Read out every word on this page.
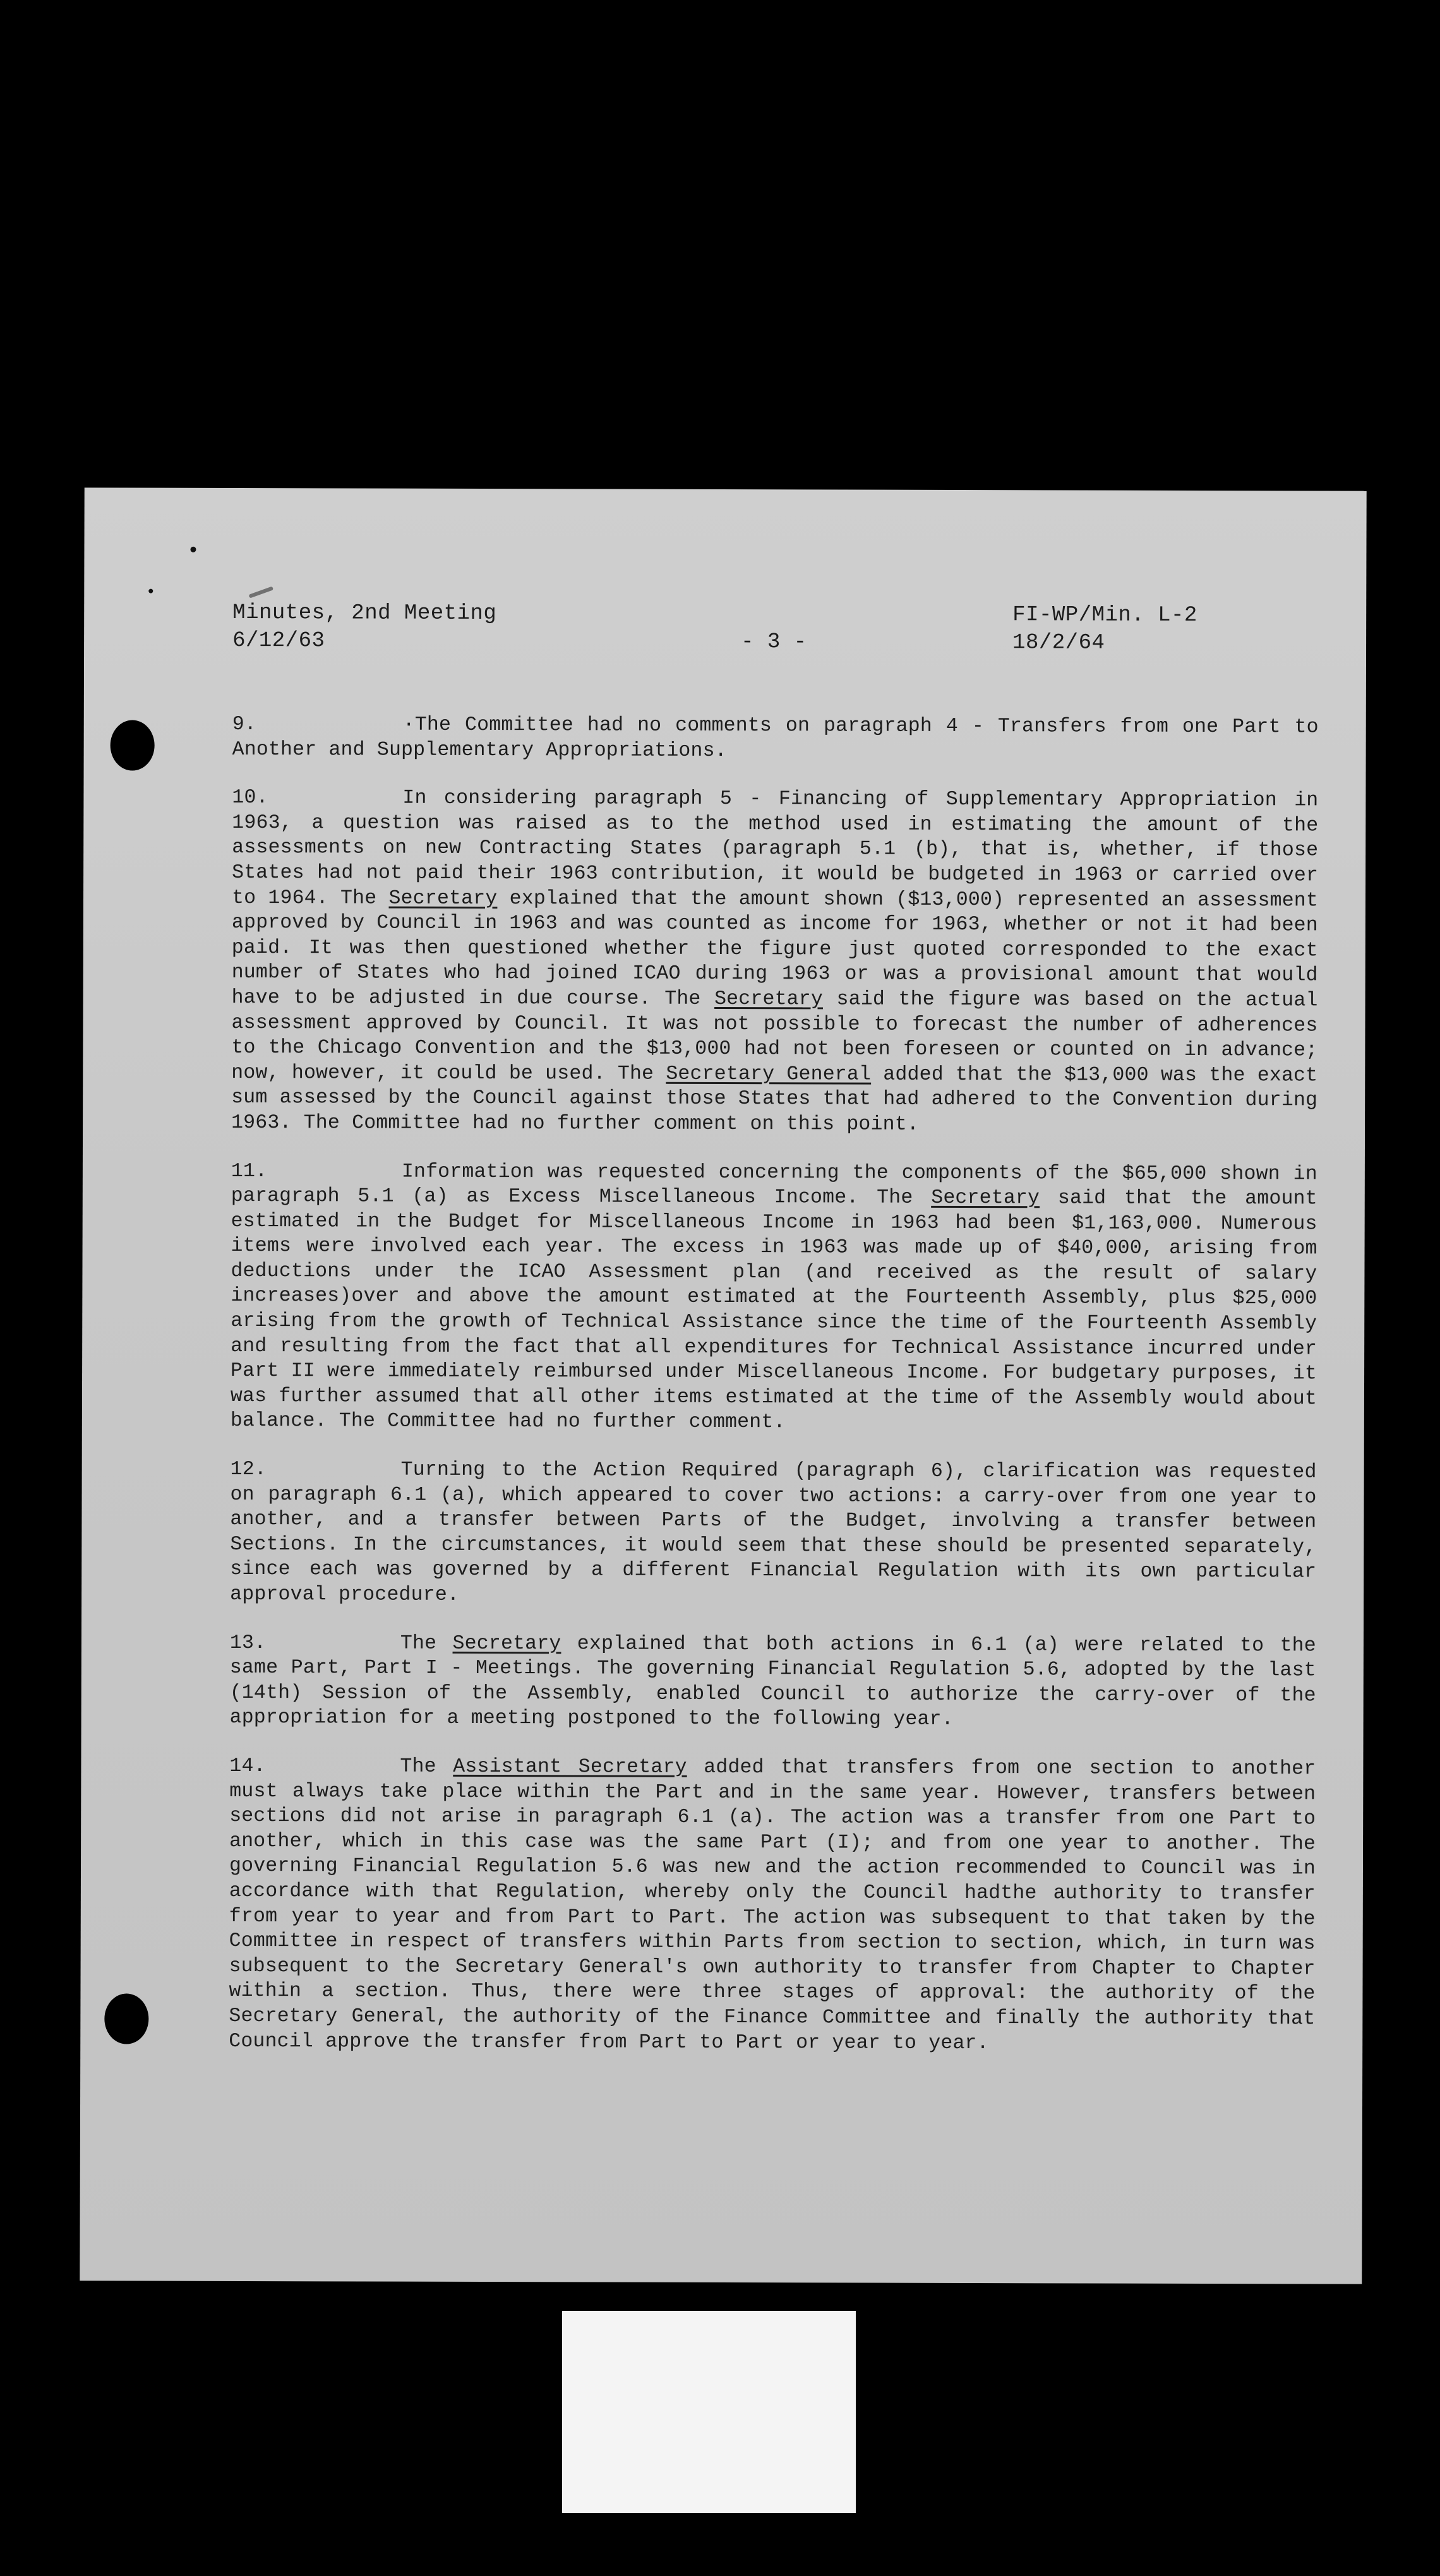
Minutes, 2nd Meeting
6/12/63	- 3 -
FI-WP/Min. L-2
18/2/64

9.	·The Committee had no comments on paragraph 4 - Transfers from one Part to Another and Supplementary Appropriations.

10.	In considering paragraph 5 - Financing of Supplementary Appropriation in 1963, a question was raised as to the method used in estimating the amount of the assessments on new Contracting States (paragraph 5.1 (b), that is, whether, if those States had not paid their 1963 contribution, it would be budgeted in 1963 or carried over to 1964. The Secretary explained that the amount shown ($13,000) represented an assessment approved by Council in 1963 and was counted as income for 1963, whether or not it had been paid. It was then questioned whether the figure just quoted corresponded to the exact number of States who had joined ICAO during 1963 or was a provisional amount that would have to be adjusted in due course. The Secretary said the figure was based on the actual assessment approved by Council. It was not possible to forecast the number of adherences to the Chicago Convention and the $13,000 had not been foreseen or counted on in advance; now, however, it could be used. The Secretary General added that the $13,000 was the exact sum assessed by the Council against those States that had adhered to the Convention during 1963. The Committee had no further comment on this point.

11.	Information was requested concerning the components of the $65,000 shown in paragraph 5.1 (a) as Excess Miscellaneous Income. The Secretary said that the amount estimated in the Budget for Miscellaneous Income in 1963 had been $1,163,000. Numerous items were involved each year. The excess in 1963 was made up of $40,000, arising from deductions under the ICAO Assessment plan (and received as the result of salary increases)over and above the amount estimated at the Fourteenth Assembly, plus $25,000 arising from the growth of Technical Assistance since the time of the Fourteenth Assembly and resulting from the fact that all expenditures for Technical Assistance incurred under Part II were immediately reimbursed under Miscellaneous Income. For budgetary purposes, it was further assumed that all other items estimated at the time of the Assembly would about balance. The Committee had no further comment.

12.	Turning to the Action Required (paragraph 6), clarification was requested on paragraph 6.1 (a), which appeared to cover two actions: a carry-over from one year to another, and a transfer between Parts of the Budget, involving a transfer between Sections. In the circumstances, it would seem that these should be presented separately, since each was governed by a different Financial Regulation with its own particular approval procedure.

13.	The Secretary explained that both actions in 6.1 (a) were related to the same Part, Part I - Meetings. The governing Financial Regulation 5.6, adopted by the last (14th) Session of the Assembly, enabled Council to authorize the carry-over of the appropriation for a meeting postponed to the following year.

14.	The Assistant Secretary added that transfers from one section to another must always take place within the Part and in the same year. However, transfers between sections did not arise in paragraph 6.1 (a). The action was a transfer from one Part to another, which in this case was the same Part (I); and from one year to another. The governing Financial Regulation 5.6 was new and the action recommended to Council was in accordance with that Regulation, whereby only the Council hadthe authority to transfer from year to year and from Part to Part. The action was subsequent to that taken by the Committee in respect of transfers within Parts from section to section, which, in turn was subsequent to the Secretary General's own authority to transfer from Chapter to Chapter within a section. Thus, there were three stages of approval: the authority of the Secretary General, the authority of the Finance Committee and finally the authority that Council approve the transfer from Part to Part or year to year.
